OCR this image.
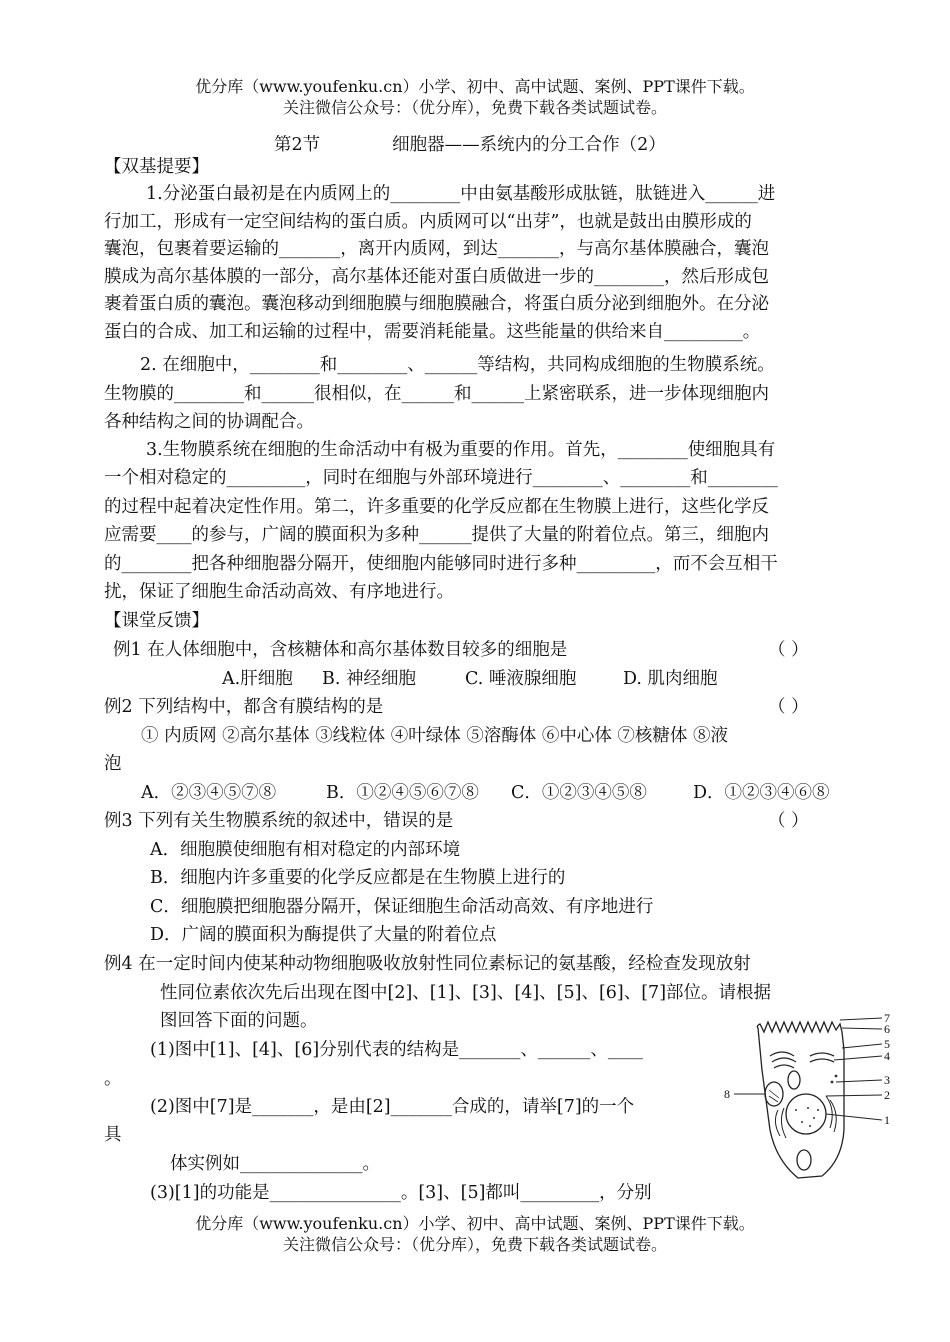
优分库（www.youfenku.cn）小学、初中、高中试题、案例、PPT课件下载。
关注微信公众号：（优分库），免费下载各类试题试卷。
第2节	细胞器——系统内的分工合作（2）
【双基提要】
1.分泌蛋白最初是在内质网上的________中由氨基酸形成肽链，肽链进入______进
行加工，形成有一定空间结构的蛋白质。内质网可以“出芽”，也就是鼓出由膜形成的
囊泡，包裹着要运输的_______，离开内质网，到达_______，与高尔基体膜融合，囊泡
膜成为高尔基体膜的一部分，高尔基体还能对蛋白质做进一步的________，然后形成包
裹着蛋白质的囊泡。囊泡移动到细胞膜与细胞膜融合，将蛋白质分泌到细胞外。在分泌
蛋白的合成、加工和运输的过程中，需要消耗能量。这些能量的供给来自_________。
2. 在细胞中，________和________、______等结构，共同构成细胞的生物膜系统。
生物膜的________和______很相似，在______和______上紧密联系，进一步体现细胞内
各种结构之间的协调配合。
3.生物膜系统在细胞的生命活动中有极为重要的作用。首先，________使细胞具有
一个相对稳定的_________，同时在细胞与外部环境进行________、________和________
的过程中起着决定性作用。第二，许多重要的化学反应都在生物膜上进行，这些化学反
应需要____的参与，广阔的膜面积为多种______提供了大量的附着位点。第三，细胞内
的________把各种细胞器分隔开，使细胞内能够同时进行多种_________，而不会互相干
扰，保证了细胞生命活动高效、有序地进行。
【课堂反馈】
例1 在人体细胞中，含核糖体和高尔基体数目较多的细胞是	（ ）
A.肝细胞 B. 神经细胞	C. 唾液腺细胞	D. 肌肉细胞
例2 下列结构中，都含有膜结构的是	（ ）
① 内质网 ②高尔基体 ③线粒体 ④叶绿体 ⑤溶酶体 ⑥中心体 ⑦核糖体 ⑧液
泡
A．②③④⑤⑦⑧	B．①②④⑤⑥⑦⑧ C．①②③④⑤⑧	D．①②③④⑥⑧
例3 下列有关生物膜系统的叙述中，错误的是	（ ）
A．细胞膜使细胞有相对稳定的内部环境
B．细胞内许多重要的化学反应都是在生物膜上进行的
C．细胞膜把细胞器分隔开，保证细胞生命活动高效、有序地进行
D．广阔的膜面积为酶提供了大量的附着位点
例4 在一定时间内使某种动物细胞吸收放射性同位素标记的氨基酸，经检查发现放射
性同位素依次先后出现在图中[2]、[1]、[3]、[4]、[5]、[6]、[7]部位。请根据
图回答下面的问题。
(1)图中[1]、[4]、[6]分别代表的结构是_______、______、____
。
(2)图中[7]是_______，是由[2]_______合成的，请举[7]的一个
具
体实例如______________。
(3)[1]的功能是_______________。[3]、[5]都叫_________，分别
7
6
5
4
3
2
1
8
优分库（www.youfenku.cn）小学、初中、高中试题、案例、PPT课件下载。
关注微信公众号：（优分库），免费下载各类试题试卷。
